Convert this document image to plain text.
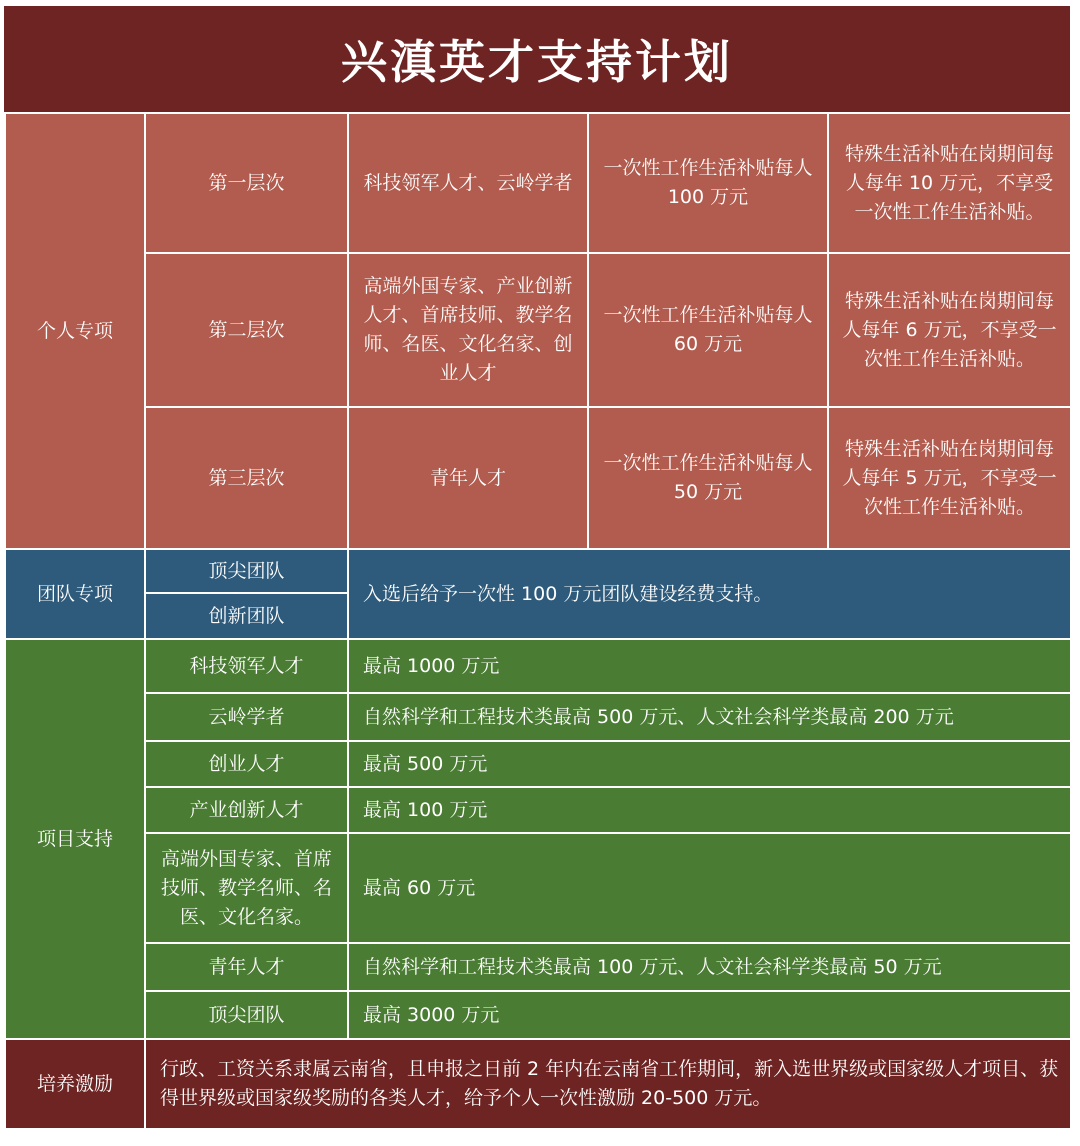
兴滇英才支持计划
个人专项	第一层次	科技领军人才、云岭学者	一次性工作生活补贴每人 100 万元	特殊生活补贴在岗期间每人每年 10 万元，不享受一次性工作生活补贴。
	第二层次	高端外国专家、产业创新人才、首席技师、教学名师、名医、文化名家、创业人才	一次性工作生活补贴每人 60 万元	特殊生活补贴在岗期间每人每年 6 万元，不享受一次性工作生活补贴。
	第三层次	青年人才	一次性工作生活补贴每人 50 万元	特殊生活补贴在岗期间每人每年 5 万元，不享受一次性工作生活补贴。
团队专项	顶尖团队	入选后给予一次性 100 万元团队建设经费支持。		
	创新团队			
项目支持	科技领军人才	最高 1000 万元		
	云岭学者	自然科学和工程技术类最高 500 万元、人文社会科学类最高 200 万元		
	创业人才	最高 500 万元		
	产业创新人才	最高 100 万元		
	高端外国专家、首席技师、教学名师、名医、文化名家。	最高 60 万元		
	青年人才	自然科学和工程技术类最高 100 万元、人文社会科学类最高 50 万元		
	顶尖团队	最高 3000 万元		
培养激励	行政、工资关系隶属云南省，且申报之日前 2 年内在云南省工作期间，新入选世界级或国家级人才项目、获得世界级或国家级奖励的各类人才，给予个人一次性激励 20-500 万元。			
